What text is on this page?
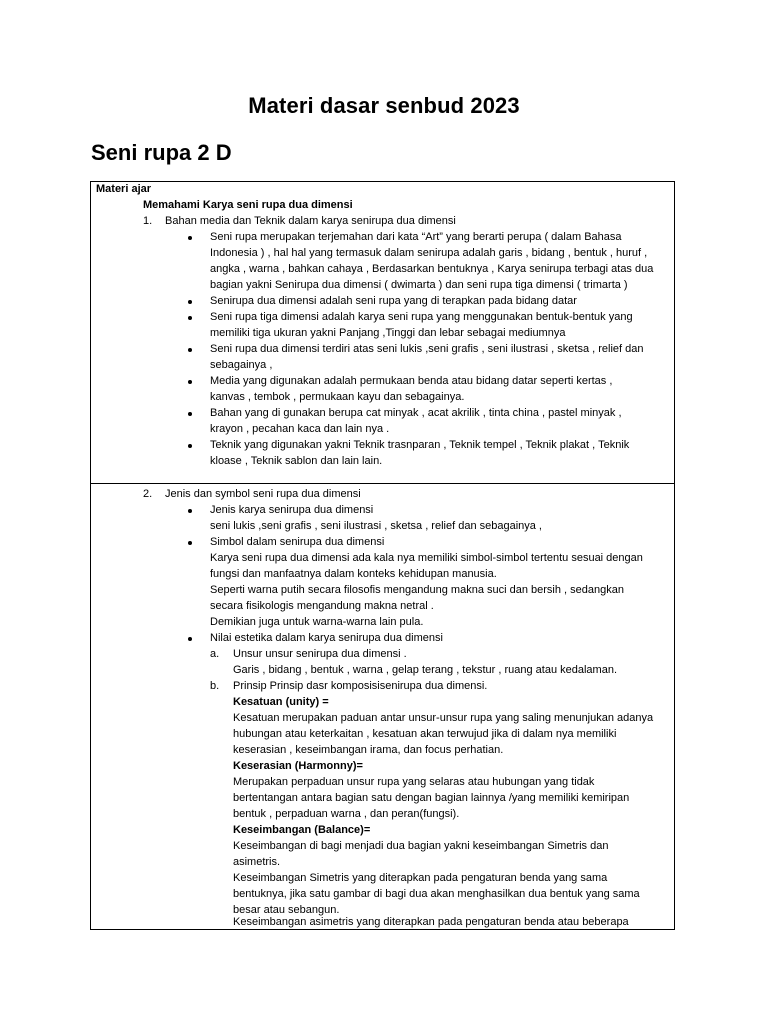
Materi dasar senbud 2023
Seni rupa 2 D
Materi ajar
Memahami Karya seni rupa dua dimensi
1. Bahan media dan Teknik dalam karya senirupa dua dimensi
Seni rupa merupakan terjemahan dari kata “Art” yang berarti perupa ( dalam Bahasa
Indonesia ) , hal hal yang termasuk dalam senirupa adalah garis , bidang , bentuk , huruf ,
angka , warna , bahkan cahaya , Berdasarkan bentuknya , Karya senirupa terbagi atas dua
bagian yakni Senirupa dua dimensi ( dwimarta ) dan seni rupa tiga dimensi ( trimarta )
Senirupa dua dimensi adalah seni rupa yang di terapkan pada bidang datar
Seni rupa tiga dimensi adalah karya seni rupa yang menggunakan bentuk-bentuk yang
memiliki tiga ukuran yakni Panjang ,Tinggi dan lebar sebagai mediumnya
Seni rupa dua dimensi terdiri atas seni lukis ,seni grafis , seni ilustrasi , sketsa , relief dan
sebagainya ,
Media yang digunakan adalah permukaan benda atau bidang datar seperti kertas ,
kanvas , tembok , permukaan kayu dan sebagainya.
Bahan yang di gunakan berupa cat minyak , acat akrilik , tinta china , pastel minyak ,
krayon , pecahan kaca dan lain nya .
Teknik yang digunakan yakni Teknik trasnparan , Teknik tempel , Teknik plakat , Teknik
kloase , Teknik sablon dan lain lain.
2. Jenis dan symbol seni rupa dua dimensi
Jenis karya senirupa dua dimensi
seni lukis ,seni grafis , seni ilustrasi , sketsa , relief dan sebagainya ,
Simbol dalam senirupa dua dimensi
Karya seni rupa dua dimensi ada kala nya memiliki simbol-simbol tertentu sesuai dengan
fungsi dan manfaatnya dalam konteks kehidupan manusia.
Seperti warna putih secara filosofis mengandung makna suci dan bersih , sedangkan
secara fisikologis mengandung makna netral .
Demikian juga untuk warna-warna lain pula.
Nilai estetika dalam karya senirupa dua dimensi
a. Unsur unsur senirupa dua dimensi .
Garis , bidang , bentuk , warna , gelap terang , tekstur , ruang atau kedalaman.
b. Prinsip Prinsip dasr komposisisenirupa dua dimensi.
Kesatuan (unity) =
Kesatuan merupakan paduan antar unsur-unsur rupa yang saling menunjukan adanya
hubungan atau keterkaitan , kesatuan akan terwujud jika di dalam nya memiliki
keserasian , keseimbangan irama, dan focus perhatian.
Keserasian (Harmonny)=
Merupakan perpaduan unsur rupa yang selaras atau hubungan yang tidak
bertentangan antara bagian satu dengan bagian lainnya /yang memiliki kemiripan
bentuk , perpaduan warna , dan peran(fungsi).
Keseimbangan (Balance)=
Keseimbangan di bagi menjadi dua bagian yakni keseimbangan Simetris dan
asimetris.
Keseimbangan Simetris yang diterapkan pada pengaturan benda yang sama
bentuknya, jika satu gambar di bagi dua akan menghasilkan dua bentuk yang sama
besar atau sebangun.
Keseimbangan asimetris yang diterapkan pada pengaturan benda atau beberapa
